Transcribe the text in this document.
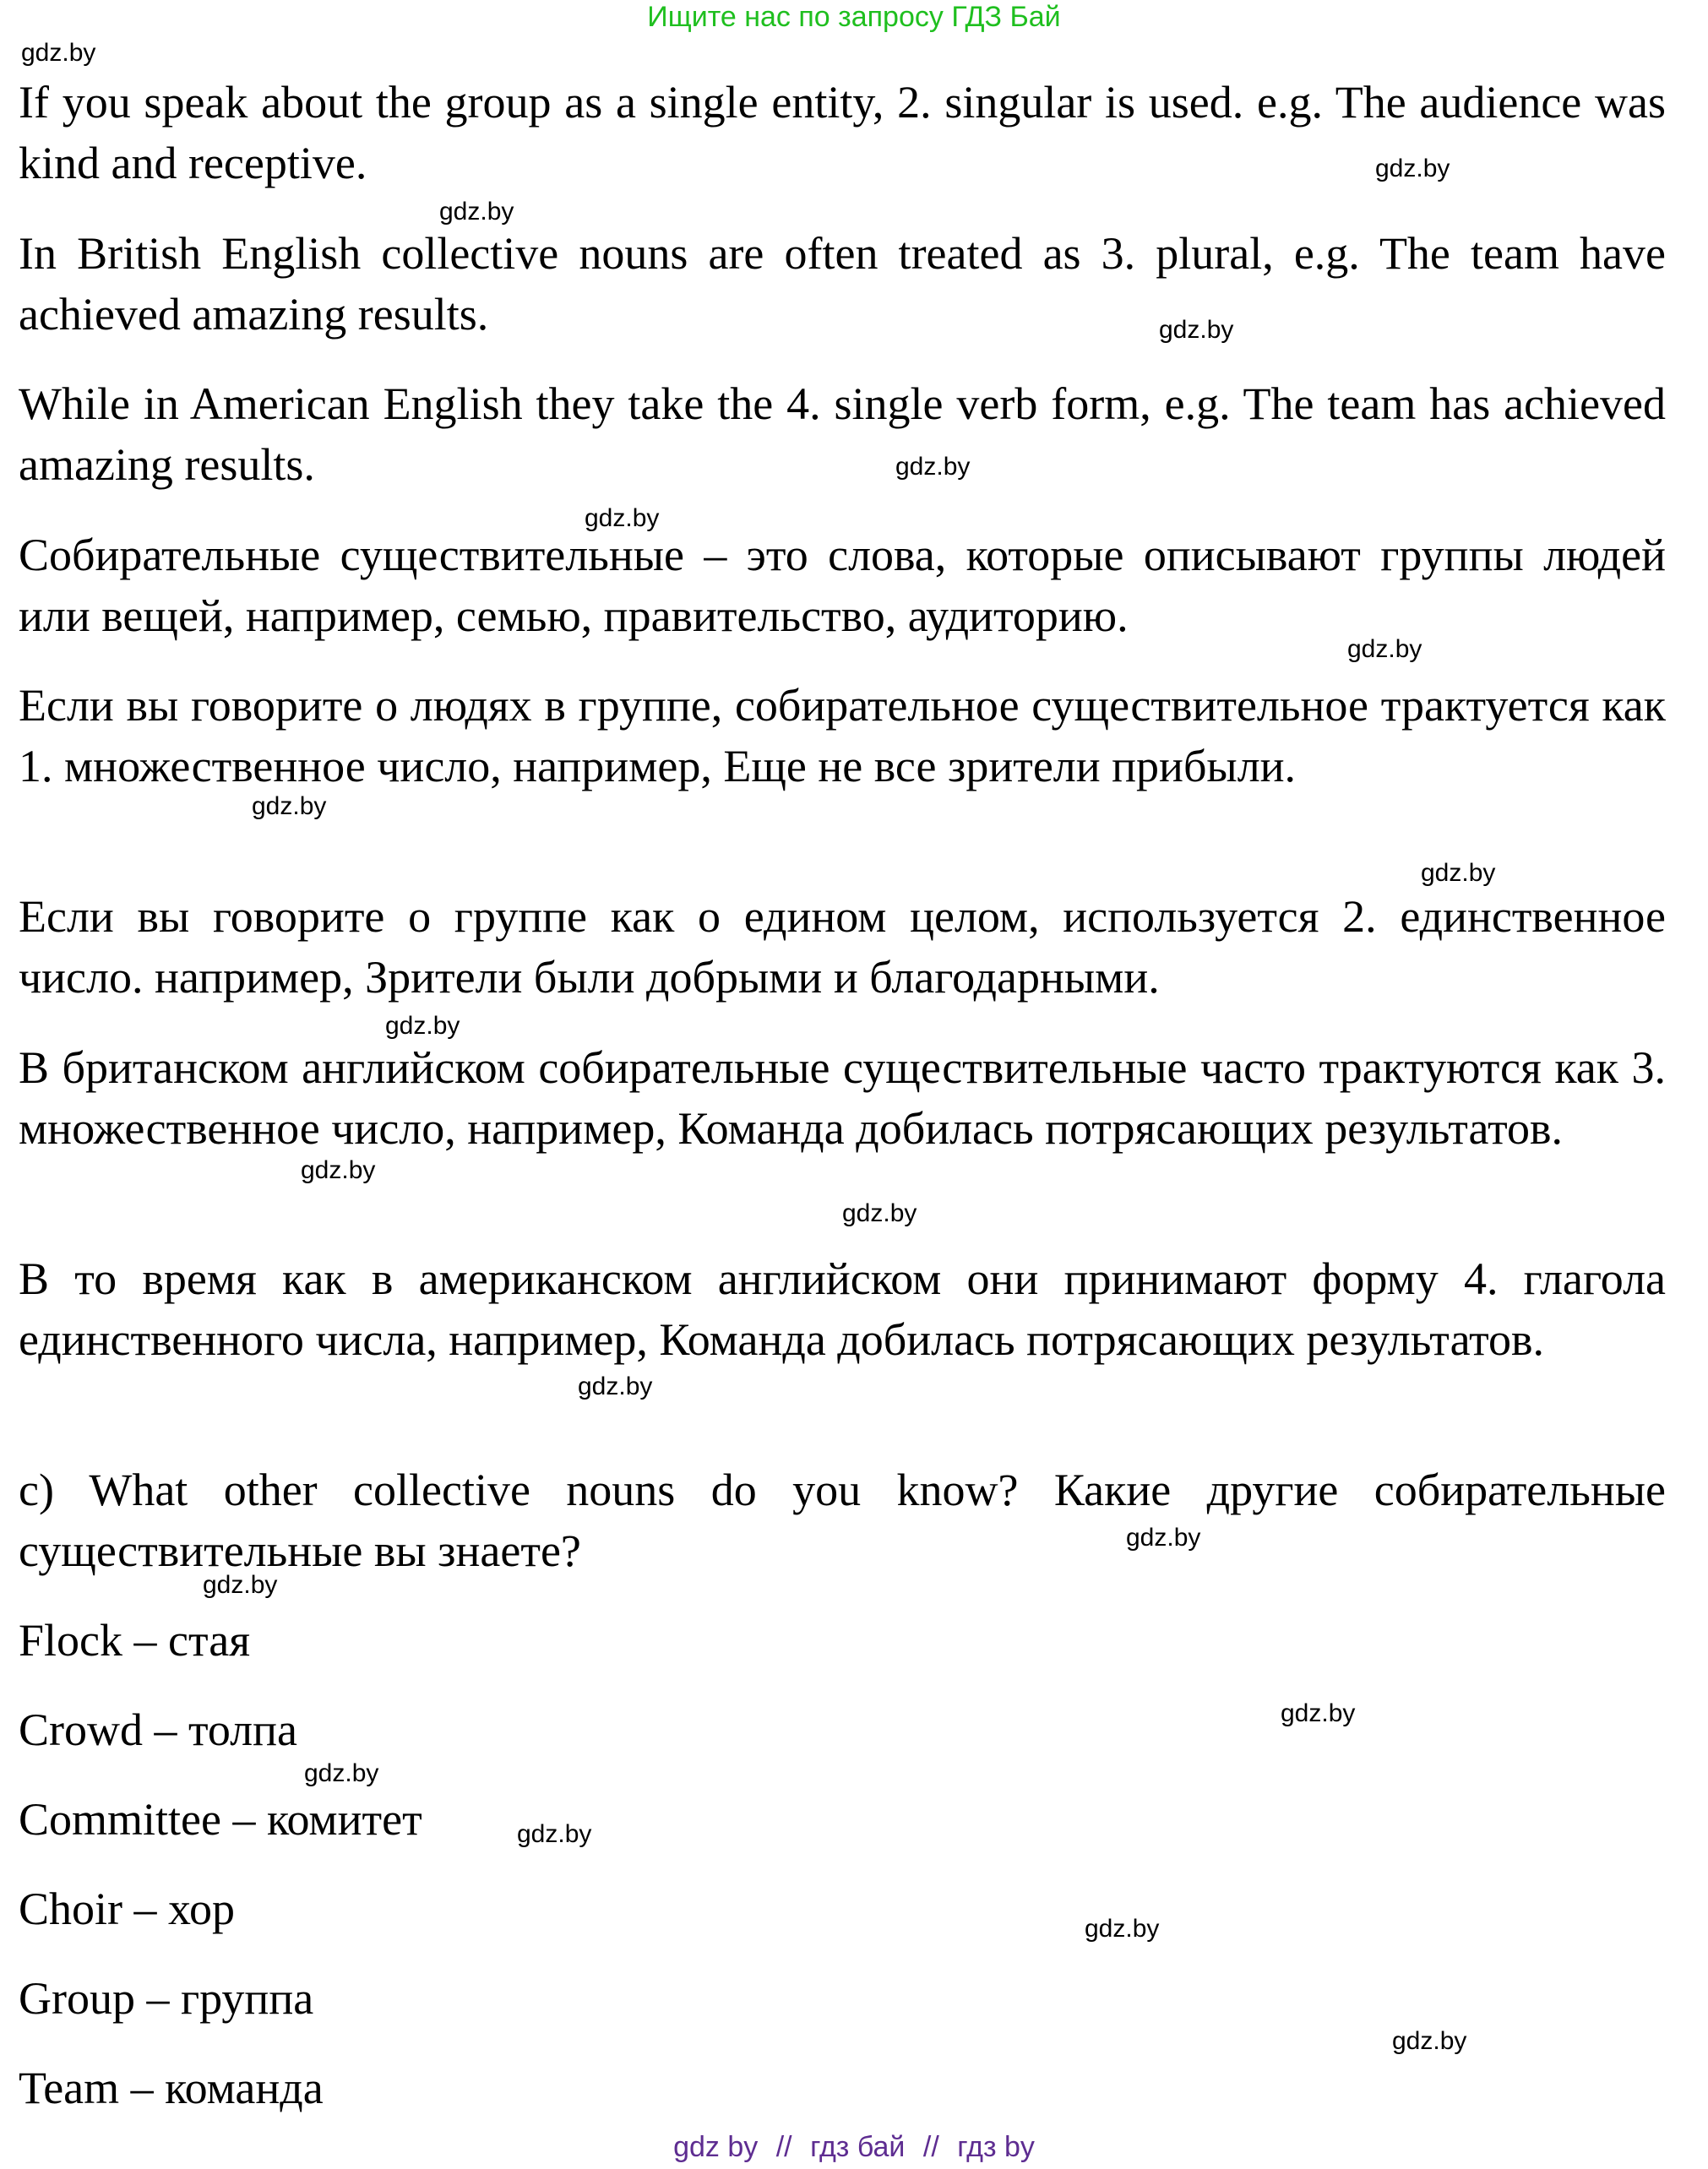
Ищите нас по запросу ГДЗ Бай

If you speak about the group as a single entity, 2. singular is used. e.g. The audience was kind and receptive.

In British English collective nouns are often treated as 3. plural, e.g. The team have achieved amazing results.

While in American English they take the 4. single verb form, e.g. The team has achieved amazing results.

Собирательные существительные – это слова, которые описывают группы людей или вещей, например, семью, правительство, аудиторию.

Если вы говорите о людях в группе, собирательное существительное трактуется как 1. множественное число, например, Еще не все зрители прибыли.

Если вы говорите о группе как о едином целом, используется 2. единственное число. например, Зрители были добрыми и благодарными.

В британском английском собирательные существительные часто трактуются как 3. множественное число, например, Команда добилась потрясающих результатов.

В то время как в американском английском они принимают форму 4. глагола единственного числа, например, Команда добилась потрясающих результатов.

c) What other collective nouns do you know? Какие другие собирательные существительные вы знаете?

Flock – стая

Crowd – толпа

Committee – комитет

Choir – хор

Group – группа

Team – команда

gdz.by
gdz.by
gdz.by
gdz.by
gdz.by
gdz.by
gdz.by
gdz.by
gdz.by
gdz.by
gdz.by
gdz.by
gdz.by
gdz.by
gdz.by
gdz.by
gdz.by
gdz.by
gdz.by
gdz.by
gdz by // гдз бай // гдз by
